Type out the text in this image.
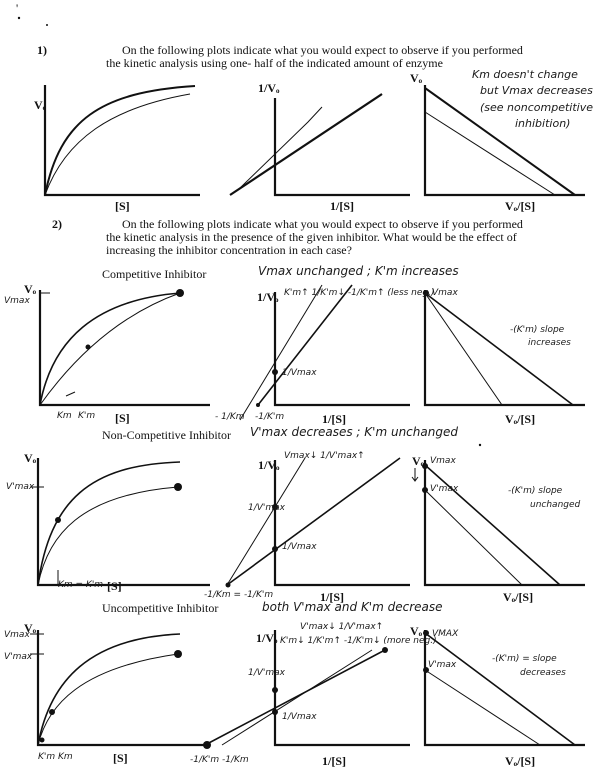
'
1)	On the following plots indicate what you would expect to observe if you performed
the kinetic analysis using one- half of the indicated amount of enzyme
Vₒ
[S]
1/Vₒ
1/[S]
Vₒ
Vₒ/[S]
Km doesn't change
but Vmax decreases
(see noncompetitive
inhibition)
2)	On the following plots indicate what you would expect to observe if you performed
the kinetic analysis in the presence of the given inhibitor. What would be the effect of
increasing the inhibitor concentration in each case?
Competitive Inhibitor	Vmax unchanged ; K'm increases
Vₒ
Vmax
Km K'm [S]
1/Vₒ K'm↑ 1/K'm↓ -1/K'm↑ (less neg.)
1/Vmax
- 1/Km -1/K'm	1/[S]
Vmax
-(K'm) slope
increases
Vₒ/[S]
Non-Competitive Inhibitor V'max decreases ; K'm unchanged
Vₒ
V'max
Km = K'm [S]
1/Vₒ
Vmax↓ 1/V'max↑
1/V'max
1/Vmax
-1/Km = -1/K'm	1/[S]
Vₒ Vmax
V'max	-(K'm) slope
unchanged
Vₒ/[S]
Uncompetitive Inhibitor	both V'max and K'm decrease
Vₒ
Vmax
V'max
K'm Km	[S]
1/Vₒ
V'max↓ 1/V'max↑
K'm↓ 1/K'm↑ -1/K'm↓ (more neg.)
1/V'max
1/Vmax
-1/K'm -1/Km	1/[S]
Vₒ VMAX
V'max
-(K'm) = slope
decreases
Vₒ/[S]
